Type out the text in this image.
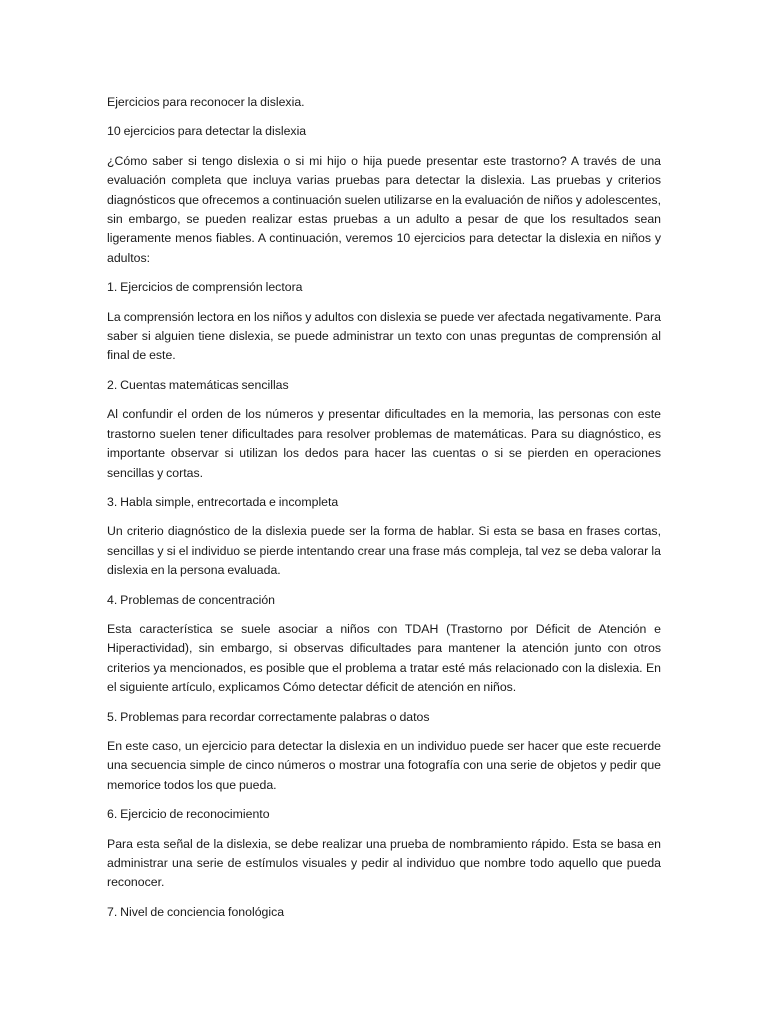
Ejercicios para reconocer la dislexia.

10 ejercicios para detectar la dislexia

¿Cómo saber si tengo dislexia o si mi hijo o hija puede presentar este trastorno? A través de una evaluación completa que incluya varias pruebas para detectar la dislexia. Las pruebas y criterios diagnósticos que ofrecemos a continuación suelen utilizarse en la evaluación de niños y adolescentes, sin embargo, se pueden realizar estas pruebas a un adulto a pesar de que los resultados sean ligeramente menos fiables. A continuación, veremos 10 ejercicios para detectar la dislexia en niños y adultos:

1. Ejercicios de comprensión lectora

La comprensión lectora en los niños y adultos con dislexia se puede ver afectada negativamente. Para saber si alguien tiene dislexia, se puede administrar un texto con unas preguntas de comprensión al final de este.

2. Cuentas matemáticas sencillas

Al confundir el orden de los números y presentar dificultades en la memoria, las personas con este trastorno suelen tener dificultades para resolver problemas de matemáticas. Para su diagnóstico, es importante observar si utilizan los dedos para hacer las cuentas o si se pierden en operaciones sencillas y cortas.

3. Habla simple, entrecortada e incompleta

Un criterio diagnóstico de la dislexia puede ser la forma de hablar. Si esta se basa en frases cortas, sencillas y si el individuo se pierde intentando crear una frase más compleja, tal vez se deba valorar la dislexia en la persona evaluada.

4. Problemas de concentración

Esta característica se suele asociar a niños con TDAH (Trastorno por Déficit de Atención e Hiperactividad), sin embargo, si observas dificultades para mantener la atención junto con otros criterios ya mencionados, es posible que el problema a tratar esté más relacionado con la dislexia. En el siguiente artículo, explicamos Cómo detectar déficit de atención en niños.

5. Problemas para recordar correctamente palabras o datos

En este caso, un ejercicio para detectar la dislexia en un individuo puede ser hacer que este recuerde una secuencia simple de cinco números o mostrar una fotografía con una serie de objetos y pedir que memorice todos los que pueda.

6. Ejercicio de reconocimiento

Para esta señal de la dislexia, se debe realizar una prueba de nombramiento rápido. Esta se basa en administrar una serie de estímulos visuales y pedir al individuo que nombre todo aquello que pueda reconocer.

7. Nivel de conciencia fonológica
